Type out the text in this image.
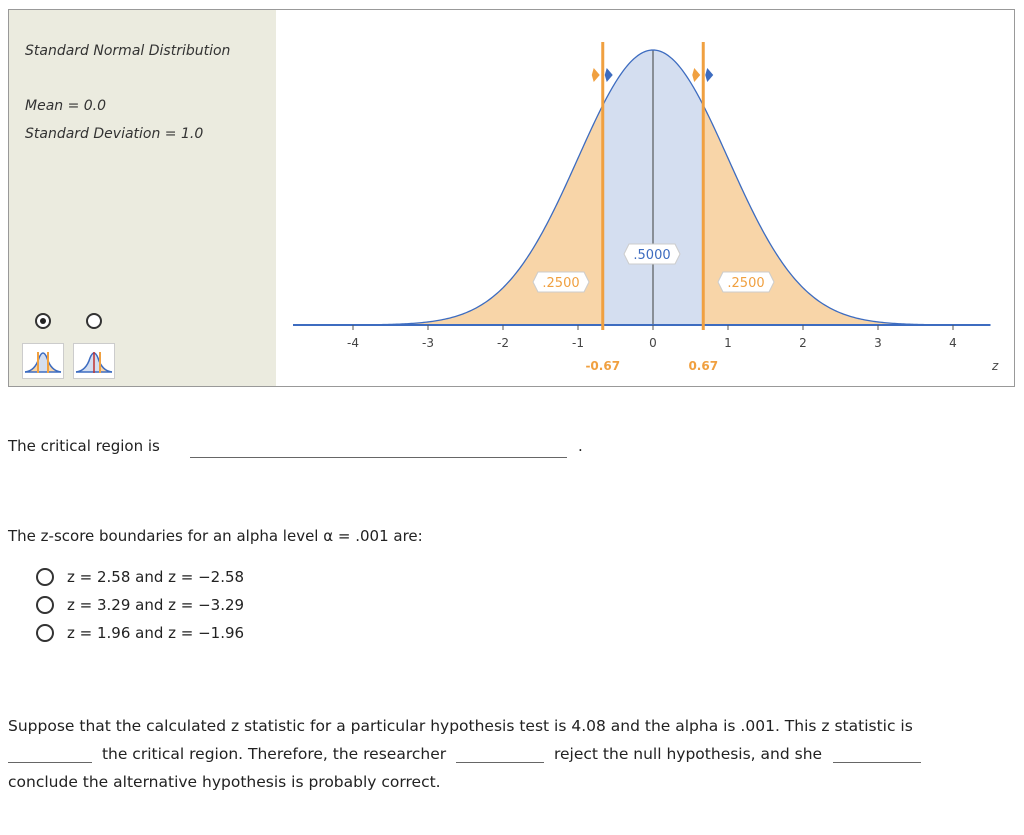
Standard Normal Distribution
Mean = 0.0
Standard Deviation = 1.0
-4	-3	-2	-1	0	1	2	3	4
z
-0.67	0.67
.2500
.5000
.2500
The critical region is	.
The z-score boundaries for an alpha level α = .001 are:
z = 2.58 and z = −2.58
z = 3.29 and z = −3.29
z = 1.96 and z = −1.96
Suppose that the calculated z statistic for a particular hypothesis test is 4.08 and the alpha is .001. This z statistic is
the critical region. Therefore, the researcher	reject the null hypothesis, and she
conclude the alternative hypothesis is probably correct.
